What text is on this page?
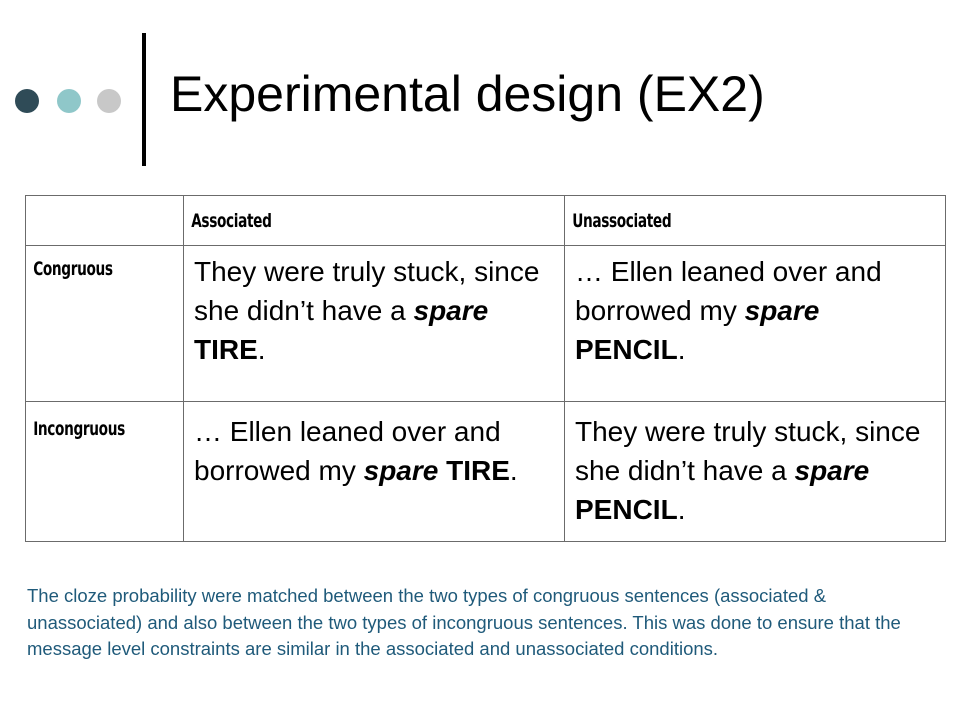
Experimental design (EX2)

	Associated	Unassociated

Congruous	They were truly stuck, since she didn’t have a spare TIRE.	… Ellen leaned over and borrowed my spare PENCIL.

Incongruous	… Ellen leaned over and borrowed my spare TIRE.	They were truly stuck, since she didn’t have a spare PENCIL.

The cloze probability were matched between the two types of congruous sentences (associated & unassociated) and also between the two types of incongruous sentences. This was done to ensure that the message level constraints are similar in the associated and unassociated conditions.
